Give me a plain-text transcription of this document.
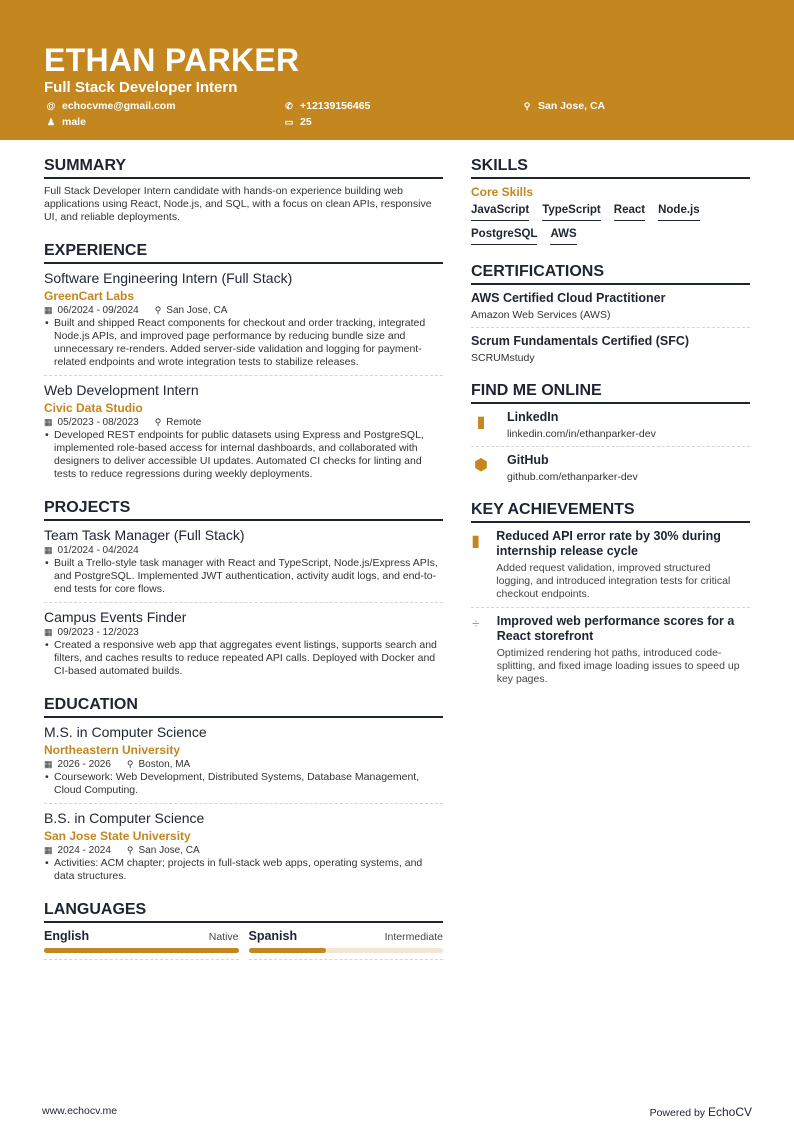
ETHAN PARKER
Full Stack Developer Intern
@ echocvme@gmail.com	✆ +12139156465	⚲ San Jose, CA
♟ male	▭ 25
SUMMARY

Full Stack Developer Intern candidate with hands-on experience building web applications using React, Node.js, and SQL, with a focus on clean APIs, responsive UI, and reliable deployments.

EXPERIENCE
Software Engineering Intern (Full Stack)
GreenCart Labs
▦ 06/2024 - 09/2024 ⚲ San Jose, CA
• Built and shipped React components for checkout and order tracking, integrated Node.js APIs, and improved page performance by reducing bundle size and unnecessary re-renders. Added server-side validation and logging for payment-related endpoints and wrote integration tests to stabilize releases.
Web Development Intern
Civic Data Studio
▦ 05/2023 - 08/2023 ⚲ Remote
• Developed REST endpoints for public datasets using Express and PostgreSQL, implemented role-based access for internal dashboards, and collaborated with designers to deliver accessible UI updates. Automated CI checks for linting and tests to reduce regressions during weekly deployments.
PROJECTS
Team Task Manager (Full Stack)
▦ 01/2024 - 04/2024
• Built a Trello-style task manager with React and TypeScript, Node.js/Express APIs, and PostgreSQL. Implemented JWT authentication, activity audit logs, and end-to-end tests for core flows.
Campus Events Finder
▦ 09/2023 - 12/2023
• Created a responsive web app that aggregates event listings, supports search and filters, and caches results to reduce repeated API calls. Deployed with Docker and CI-based automated builds.
EDUCATION
M.S. in Computer Science
Northeastern University
▦ 2026 - 2026 ⚲ Boston, MA
• Coursework: Web Development, Distributed Systems, Database Management, Cloud Computing.
B.S. in Computer Science
San Jose State University
▦ 2024 - 2024 ⚲ San Jose, CA
• Activities: ACM chapter; projects in full-stack web apps, operating systems, and data structures.
LANGUAGES
English	Native Spanish	Intermediate
SKILLS
Core Skills
JavaScript TypeScript React Node.js
PostgreSQL AWS
CERTIFICATIONS
AWS Certified Cloud Practitioner
Amazon Web Services (AWS)
Scrum Fundamentals Certified (SFC)
SCRUMstudy
FIND ME ONLINE
▮	LinkedIn
linkedin.com/in/ethanparker-dev
⬢ GitHub
github.com/ethanparker-dev
KEY ACHIEVEMENTS
▮ Reduced API error rate by 30% during internship release cycle
Added request validation, improved structured logging, and introduced integration tests for critical checkout endpoints.
÷ Improved web performance scores for a React storefront
Optimized rendering hot paths, introduced code-splitting, and fixed image loading issues to speed up key pages.
www.echocv.me	Powered by EchoCV
